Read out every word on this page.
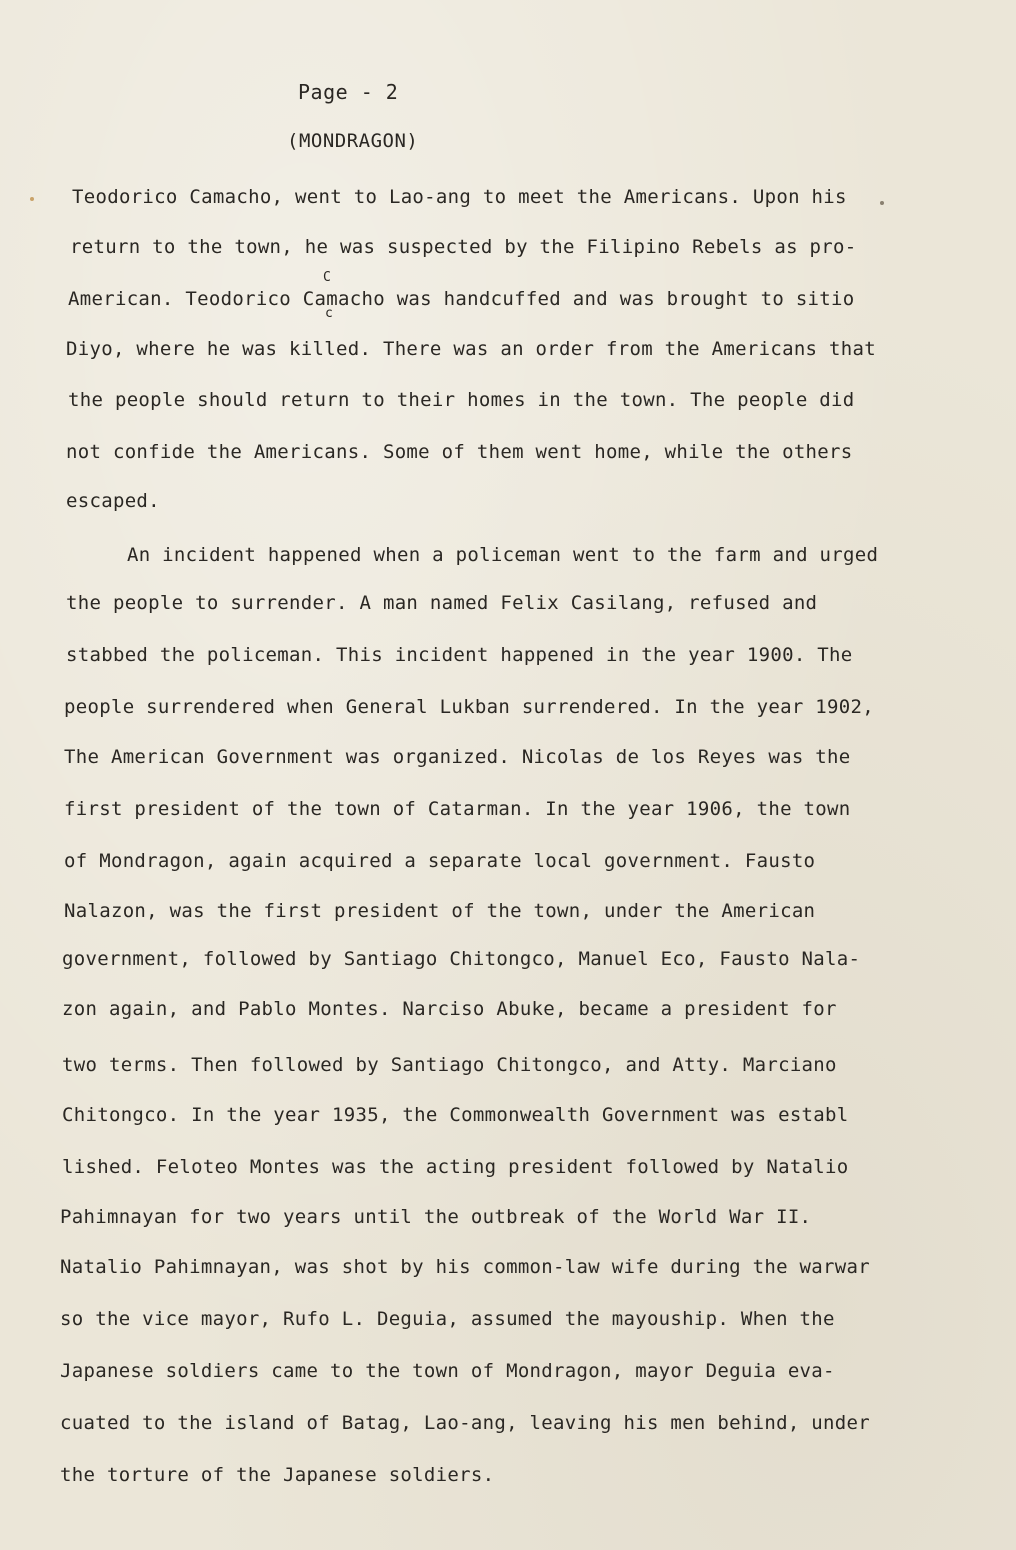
Page - 2
(MONDRAGON)
C
c
Teodorico Camacho, went to Lao-ang to meet the Americans. Upon his
return to the town, he was suspected by the Filipino Rebels as pro-
American. Teodorico Camacho was handcuffed and was brought to sitio
Diyo, where he was killed. There was an order from the Americans that
the people should return to their homes in the town. The people did
not confide the Americans. Some of them went home, while the others
escaped.
An incident happened when a policeman went to the farm and urged
the people to surrender. A man named Felix Casilang, refused and
stabbed the policeman. This incident happened in the year 1900. The
people surrendered when General Lukban surrendered. In the year 1902,
The American Government was organized. Nicolas de los Reyes was the
first president of the town of Catarman. In the year 1906, the town
of Mondragon, again acquired a separate local government. Fausto
Nalazon, was the first president of the town, under the American
government, followed by Santiago Chitongco, Manuel Eco, Fausto Nala-
zon again, and Pablo Montes. Narciso Abuke, became a president for
two terms. Then followed by Santiago Chitongco, and Atty. Marciano
Chitongco. In the year 1935, the Commonwealth Government was establ
lished. Feloteo Montes was the acting president followed by Natalio
Pahimnayan for two years until the outbreak of the World War II.
Natalio Pahimnayan, was shot by his common-law wife during the warwar
so the vice mayor, Rufo L. Deguia, assumed the mayouship. When the
Japanese soldiers came to the town of Mondragon, mayor Deguia eva-
cuated to the island of Batag, Lao-ang, leaving his men behind, under
the torture of the Japanese soldiers.
